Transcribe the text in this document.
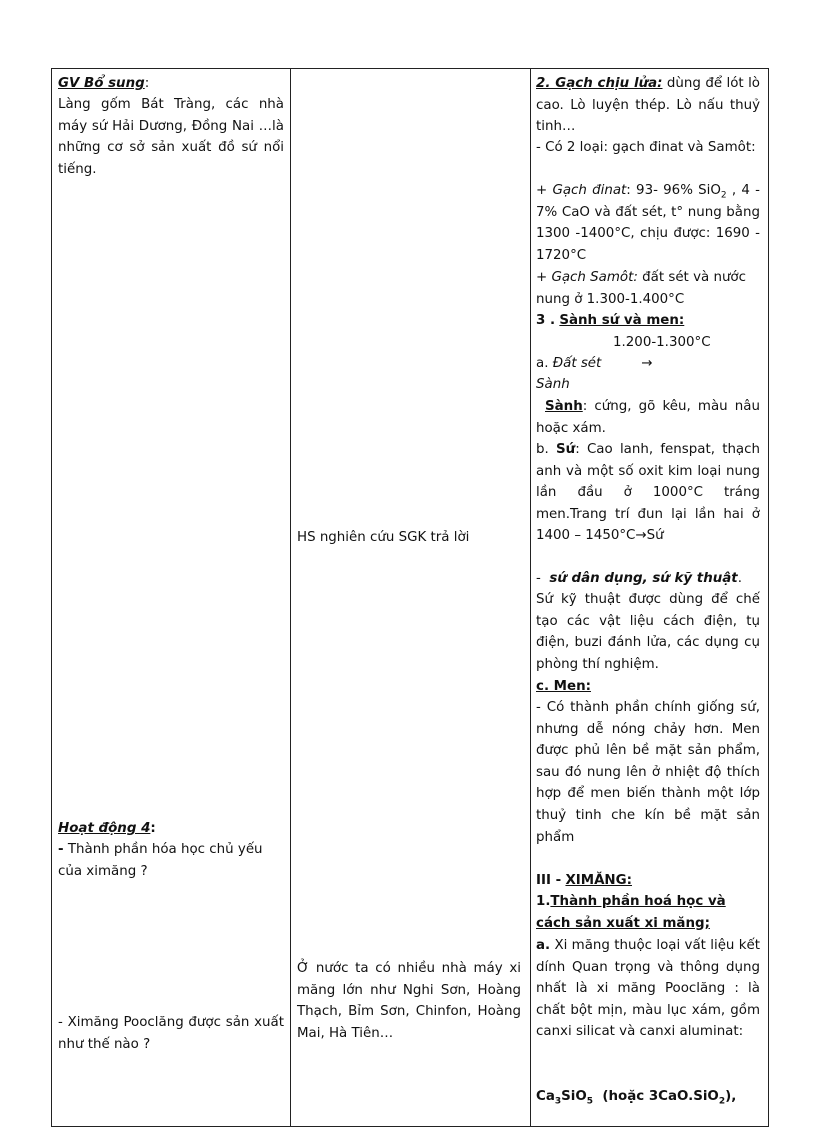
GV Bổ sung:
Làng gốm Bát Tràng, các nhà máy sứ Hải Dương, Đồng Nai …là những cơ sở sản xuất đồ sứ nổi tiếng.
Hoạt động 4:
- Thành phần hóa học chủ yếu của ximăng ?
- Ximăng Pooclăng được sản xuất như thế nào ?

HS nghiên cứu SGK trả lời
Ở nước ta có nhiều nhà máy xi măng lớn như Nghi Sơn, Hoàng Thạch, Bỉm Sơn, Chinfon, Hoàng Mai, Hà Tiên…

2. Gạch chịu lửa: dùng để lót lò cao. Lò luyện thép. Lò nấu thuỷ tinh…
- Có 2 loại: gạch đinat và Samôt:
+ Gạch đinat: 93- 96% SiO$_2$ , 4 - 7% CaO và đất sét, t° nung bằng 1300 -1400°C, chịu được: 1690 - 1720°C
+ Gạch Samôt: đất sét và nước nung ở 1.300-1.400°C
3 . Sành sứ và men:
1.200-1.300°C
a. Đất sét	→
Sành
Sành: cứng, gõ kêu, màu nâu hoặc xám.
b. Sứ: Cao lanh, fenspat, thạch anh và một số oxit kim loại nung lần đầu ở 1000°C tráng men.Trang trí đun lại lần hai ở 1400 – 1450°C→Sứ
- sứ dân dụng, sứ kỹ thuật.
Sứ kỹ thuật được dùng để chế tạo các vật liệu cách điện, tụ điện, buzi đánh lửa, các dụng cụ phòng thí nghiệm.
c. Men:
- Có thành phần chính giống sứ, nhưng dễ nóng chảy hơn. Men được phủ lên bề mặt sản phẩm, sau đó nung lên ở nhiệt độ thích hợp để men biến thành một lớp thuỷ tinh che kín bề mặt sản phẩm
III - XIMĂNG:
1.Thành phần hoá học và cách sản xuất xi măng;
a. Xi măng thuộc loại vất liệu kết dính Quan trọng và thông dụng nhất là xi măng Pooclăng : là chất bột mịn, màu lục xám, gồm canxi silicat và canxi aluminat:
$Ca_3SiO_5$  (hoặc 3CaO.SiO$_2$),
